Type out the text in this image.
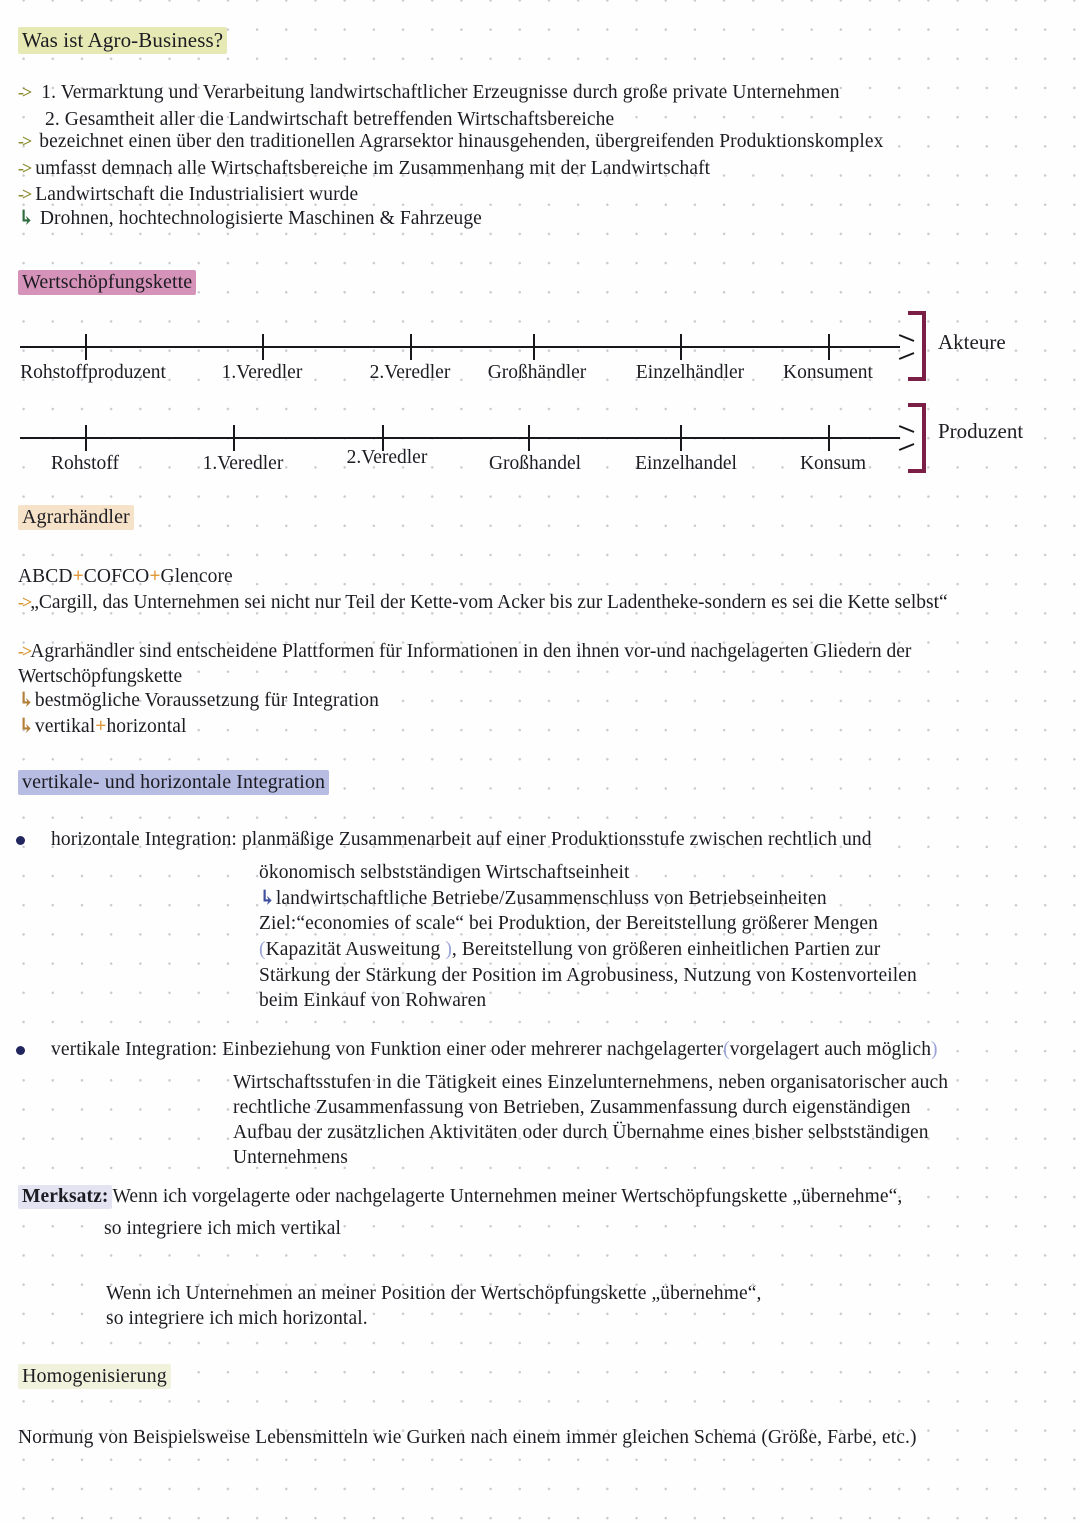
Was ist Agro-Business?
-> 1. Vermarktung und Verarbeitung landwirtschaftlicher Erzeugnisse durch große private Unternehmen
2. Gesamtheit aller die Landwirtschaft betreffenden Wirtschaftsbereiche
-> bezeichnet einen über den traditionellen Agrarsektor hinausgehenden, übergreifenden Produktionskomplex
-> umfasst demnach alle Wirtschaftsbereiche im Zusammenhang mit der Landwirtschaft
-> Landwirtschaft die Industrialisiert wurde
↳ Drohnen, hochtechnologisierte Maschinen & Fahrzeuge
Wertschöpfungskette
Rohstoffproduzent	1.Veredler	2.Veredler Großhändler	Einzelhändler Konsument
Akteure
Rohstoff	1.Veredler	2.Veredler	Großhandel	Einzelhandel	Konsum
Produzent
Agrarhändler
ABCD+COFCO+Glencore
->„Cargill, das Unternehmen sei nicht nur Teil der Kette-vom Acker bis zur Ladentheke-sondern es sei die Kette selbst“
->Agrarhändler sind entscheidene Plattformen für Informationen in den ihnen vor-und nachgelagerten Gliedern der Wertschöpfungskette
↳bestmögliche Voraussetzung für Integration
↳vertikal+horizontal
vertikale- und horizontale Integration
horizontale Integration: planmäßige Zusammenarbeit auf einer Produktionsstufe zwischen rechtlich und
ökonomisch selbstständigen Wirtschaftseinheit
↳landwirtschaftliche Betriebe/Zusammenschluss von Betriebseinheiten
Ziel:“economies of scale“ bei Produktion, der Bereitstellung größerer Mengen
(Kapazität Ausweitung ), Bereitstellung von größeren einheitlichen Partien zur
Stärkung der Stärkung der Position im Agrobusiness, Nutzung von Kostenvorteilen
beim Einkauf von Rohwaren
vertikale Integration: Einbeziehung von Funktion einer oder mehrerer nachgelagerter(vorgelagert auch möglich)
Wirtschaftsstufen in die Tätigkeit eines Einzelunternehmens, neben organisatorischer auch
rechtliche Zusammenfassung von Betrieben, Zusammenfassung durch eigenständigen
Aufbau der zusätzlichen Aktivitäten oder durch Übernahme eines bisher selbstständigen
Unternehmens
Merksatz: Wenn ich vorgelagerte oder nachgelagerte Unternehmen meiner Wertschöpfungskette „übernehme“,
so integriere ich mich vertikal
Wenn ich Unternehmen an meiner Position der Wertschöpfungskette „übernehme“,
so integriere ich mich horizontal.
Homogenisierung
Normung von Beispielsweise Lebensmitteln wie Gurken nach einem immer gleichen Schema (Größe, Farbe, etc.)
